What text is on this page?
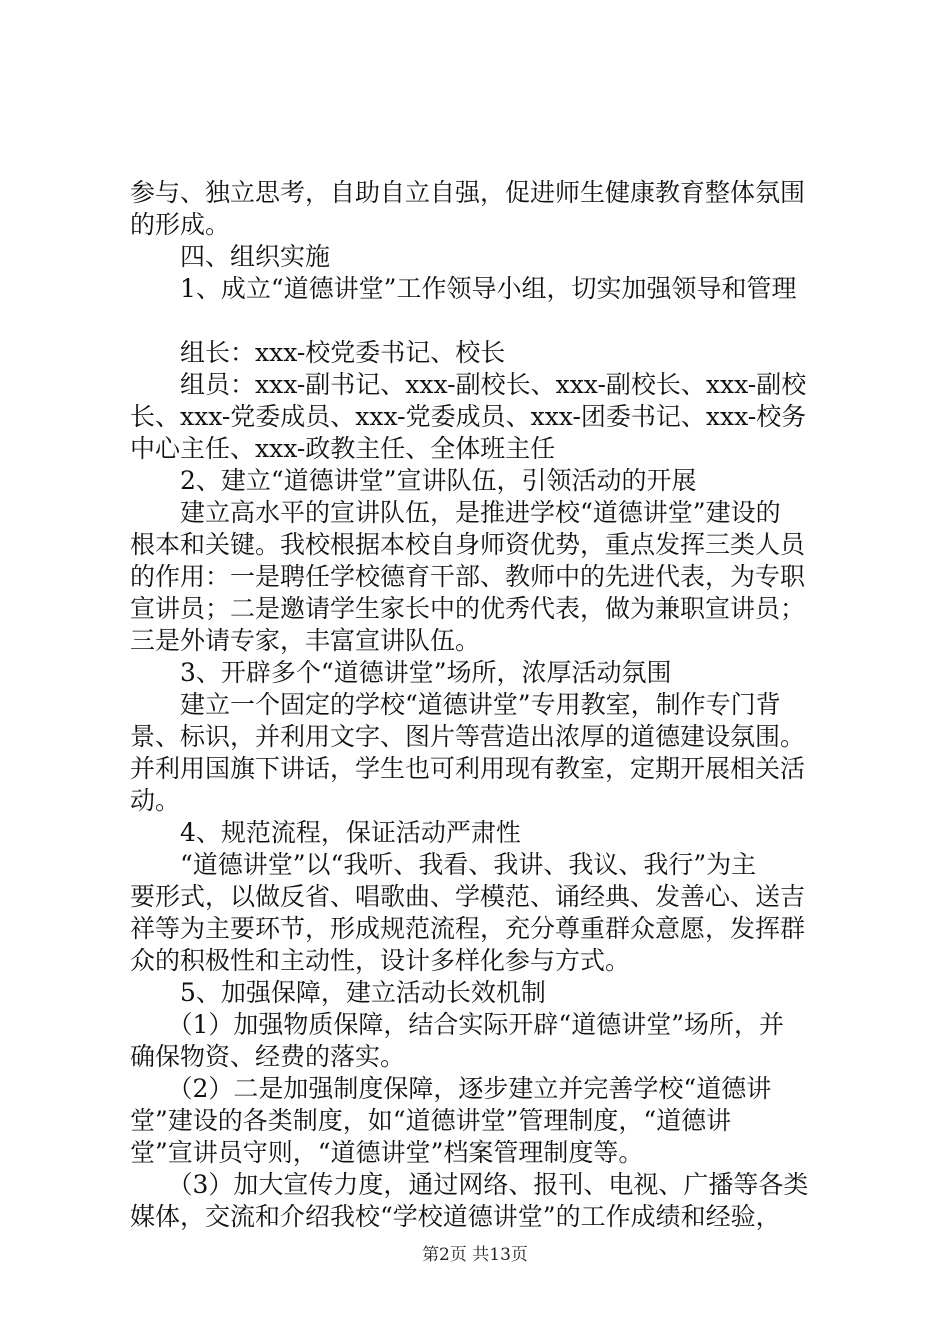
参与、独立思考，自助自立自强，促进师生健康教育整体氛围
的形成。
　　四、组织实施
　　1、成立“道德讲堂”工作领导小组，切实加强领导和管理
　　组长：xxx-校党委书记、校长
　　组员：xxx-副书记、xxx-副校长、xxx-副校长、xxx-副校
长、xxx-党委成员、xxx-党委成员、xxx-团委书记、xxx-校务
中心主任、xxx-政教主任、全体班主任
　　2、建立“道德讲堂”宣讲队伍，引领活动的开展
　　建立高水平的宣讲队伍，是推进学校“道德讲堂”建设的
根本和关键。我校根据本校自身师资优势，重点发挥三类人员
的作用：一是聘任学校德育干部、教师中的先进代表，为专职
宣讲员；二是邀请学生家长中的优秀代表，做为兼职宣讲员；
三是外请专家，丰富宣讲队伍。
　　3、开辟多个“道德讲堂”场所，浓厚活动氛围
　　建立一个固定的学校“道德讲堂”专用教室，制作专门背
景、标识，并利用文字、图片等营造出浓厚的道德建设氛围。
并利用国旗下讲话，学生也可利用现有教室，定期开展相关活
动。
　　4、规范流程，保证活动严肃性
　　“道德讲堂”以“我听、我看、我讲、我议、我行”为主
要形式，以做反省、唱歌曲、学模范、诵经典、发善心、送吉
祥等为主要环节，形成规范流程，充分尊重群众意愿，发挥群
众的积极性和主动性，设计多样化参与方式。
　　5、加强保障，建立活动长效机制
　　（1）加强物质保障，结合实际开辟“道德讲堂”场所，并
确保物资、经费的落实。
　　（2）二是加强制度保障，逐步建立并完善学校“道德讲
堂”建设的各类制度，如“道德讲堂”管理制度，“道德讲
堂”宣讲员守则，“道德讲堂”档案管理制度等。
　　（3）加大宣传力度，通过网络、报刊、电视、广播等各类
媒体，交流和介绍我校“学校道德讲堂”的工作成绩和经验，
第2页 共13页
